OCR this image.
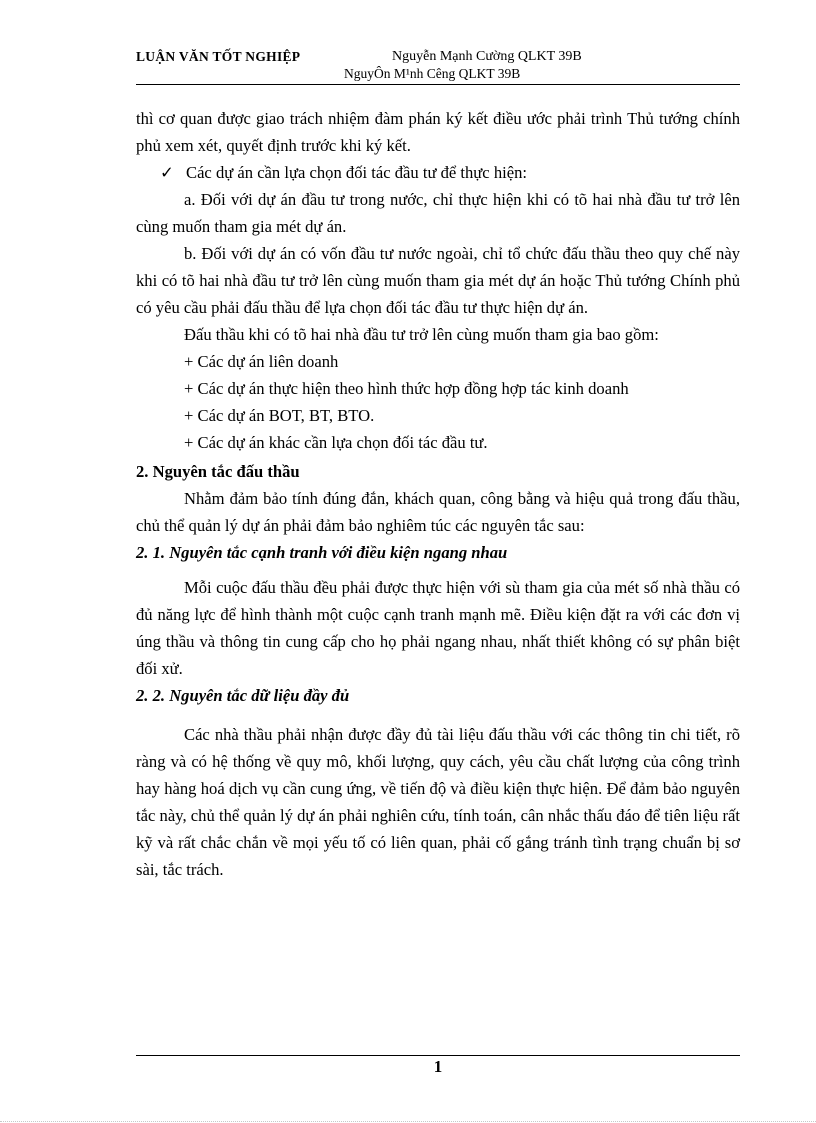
LUẬN VĂN TỐT NGHIỆP	Nguyễn Mạnh Cường QLKT 39B
NguyÔn M¹nh Cêng QLKT 39B

thì cơ quan được giao trách nhiệm đàm phán ký kết điều ước phải trình Thủ tướng chính phủ xem xét, quyết định trước khi ký kết.

✓ Các dự án cần lựa chọn đối tác đầu tư để thực hiện:

a. Đối với dự án đầu tư trong nước, chỉ thực hiện khi có tõ hai nhà đầu tư trở lên cùng muốn tham gia mét dự án.

b. Đối với dự án có vốn đầu tư nước ngoài, chỉ tổ chức đấu thầu theo quy chế này khi có tõ hai nhà đầu tư trở lên cùng muốn tham gia mét dự án hoặc Thủ tướng Chính phủ có yêu cầu phải đấu thầu để lựa chọn đối tác đầu tư thực hiện dự án.

Đấu thầu khi có tõ hai nhà đầu tư trở lên cùng muốn tham gia bao gồm:

+ Các dự án liên doanh

+ Các dự án thực hiện theo hình thức hợp đồng hợp tác kinh doanh

+ Các dự án BOT, BT, BTO.

+ Các dự án khác cần lựa chọn đối tác đầu tư.

2. Nguyên tắc đấu thầu

Nhằm đảm bảo tính đúng đắn, khách quan, công bằng và hiệu quả trong đấu thầu, chủ thể quản lý dự án phải đảm bảo nghiêm túc các nguyên tắc sau:

2. 1. Nguyên tắc cạnh tranh với điều kiện ngang nhau

Mỗi cuộc đấu thầu đều phải được thực hiện với sù tham gia của mét số nhà thầu có đủ năng lực để hình thành một cuộc cạnh tranh mạnh mẽ. Điều kiện đặt ra với các đơn vị úng thầu và thông tin cung cấp cho họ phải ngang nhau, nhất thiết không có sự phân biệt đối xử.

2. 2. Nguyên tắc dữ liệu đầy đủ

Các nhà thầu phải nhận được đầy đủ tài liệu đấu thầu với các thông tin chi tiết, rõ ràng và có hệ thống về quy mô, khối lượng, quy cách, yêu cầu chất lượng của công trình hay hàng hoá dịch vụ cần cung ứng, về tiến độ và điều kiện thực hiện. Để đảm bảo nguyên tắc này, chủ thể quản lý dự án phải nghiên cứu, tính toán, cân nhắc thấu đáo để tiên liệu rất kỹ và rất chắc chắn về mọi yếu tố có liên quan, phải cố gắng tránh tình trạng chuẩn bị sơ sài, tắc trách.

1
